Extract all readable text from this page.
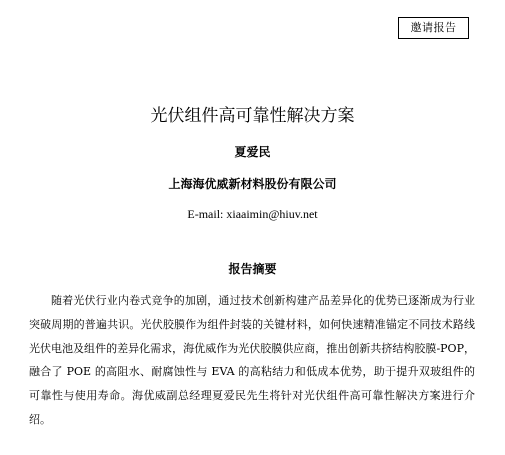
邀请报告
光伏组件高可靠性解决方案
夏爱民
上海海优威新材料股份有限公司
E-mail: xiaaimin@hiuv.net
报告摘要
随着光伏行业内卷式竞争的加剧，通过技术创新构建产品差异化的优势已逐渐成为行业突破周期的普遍共识。光伏胶膜作为组件封装的关键材料，如何快速精准锚定不同技术路线光伏电池及组件的差异化需求，海优威作为光伏胶膜供应商，推出创新共挤结构胶膜-POP，融合了 POE 的高阻水、耐腐蚀性与 EVA 的高粘结力和低成本优势，助于提升双玻组件的可靠性与使用寿命。海优威副总经理夏爱民先生将针对光伏组件高可靠性解决方案进行介绍。
